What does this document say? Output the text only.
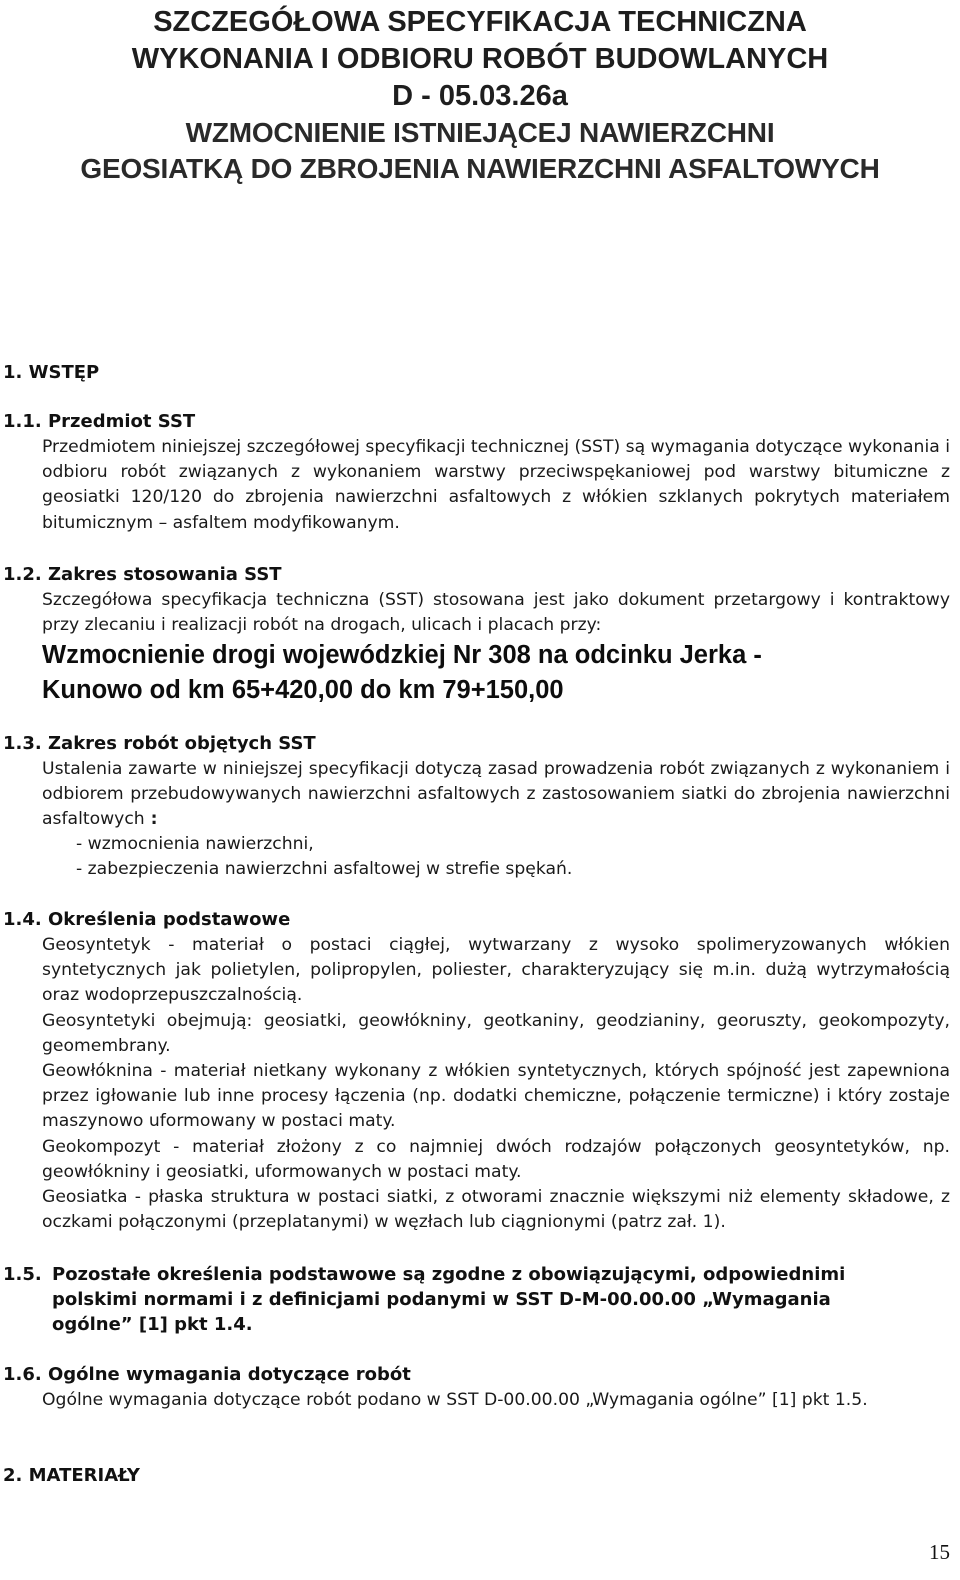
SZCZEGÓŁOWA SPECYFIKACJA TECHNICZNA
WYKONANIA I ODBIORU ROBÓT BUDOWLANYCH
D - 05.03.26a
WZMOCNIENIE ISTNIEJĄCEJ NAWIERZCHNI
GEOSIATKĄ DO ZBROJENIA NAWIERZCHNI ASFALTOWYCH
1. WSTĘP
1.1. Przedmiot SST
Przedmiotem niniejszej szczegółowej specyfikacji technicznej (SST) są wymagania dotyczące wykonania i odbioru robót związanych z wykonaniem warstwy przeciwspękaniowej pod warstwy bitumiczne z geosiatki 120/120 do zbrojenia nawierzchni asfaltowych z włókien szklanych pokrytych materiałem bitumicznym – asfaltem modyfikowanym.
1.2. Zakres stosowania SST
Szczegółowa specyfikacja techniczna (SST) stosowana jest jako dokument przetargowy i kontraktowy przy zlecaniu i realizacji robót na drogach, ulicach i placach przy:
Wzmocnienie drogi wojewódzkiej Nr 308 na odcinku Jerka -
Kunowo od km 65+420,00 do km 79+150,00
1.3. Zakres robót objętych SST
Ustalenia zawarte w niniejszej specyfikacji dotyczą zasad prowadzenia robót związanych z wykonaniem i odbiorem przebudowywanych nawierzchni asfaltowych z zastosowaniem siatki do zbrojenia nawierzchni asfaltowych :
- wzmocnienia nawierzchni,
- zabezpieczenia nawierzchni asfaltowej w strefie spękań.
1.4. Określenia podstawowe
Geosyntetyk - materiał o postaci ciągłej, wytwarzany z wysoko spolimeryzowanych włókien syntetycznych jak polietylen, polipropylen, poliester, charakteryzujący się m.in. dużą wytrzymałością oraz wodoprzepuszczalnością.
Geosyntetyki obejmują: geosiatki, geowłókniny, geotkaniny, geodzianiny, georuszty, geokompozyty, geomembrany.
Geowłóknina - materiał nietkany wykonany z włókien syntetycznych, których spójność jest zapewniona przez igłowanie lub inne procesy łączenia (np. dodatki chemiczne, połączenie termiczne) i który zostaje maszynowo uformowany w postaci maty.
Geokompozyt - materiał złożony z co najmniej dwóch rodzajów połączonych geosyntetyków, np. geowłókniny i geosiatki, uformowanych w postaci maty.
Geosiatka - płaska struktura w postaci siatki, z otworami znacznie większymi niż elementy składowe, z oczkami połączonymi (przeplatanymi) w węzłach lub ciągnionymi (patrz zał. 1).
1.5. Pozostałe określenia podstawowe są zgodne z obowiązującymi, odpowiednimi polskimi normami i z definicjami podanymi w SST D-M-00.00.00 „Wymagania ogólne” [1] pkt 1.4.
1.6. Ogólne wymagania dotyczące robót
Ogólne wymagania dotyczące robót podano w SST D-00.00.00 „Wymagania ogólne” [1] pkt 1.5.
2. MATERIAŁY
15
